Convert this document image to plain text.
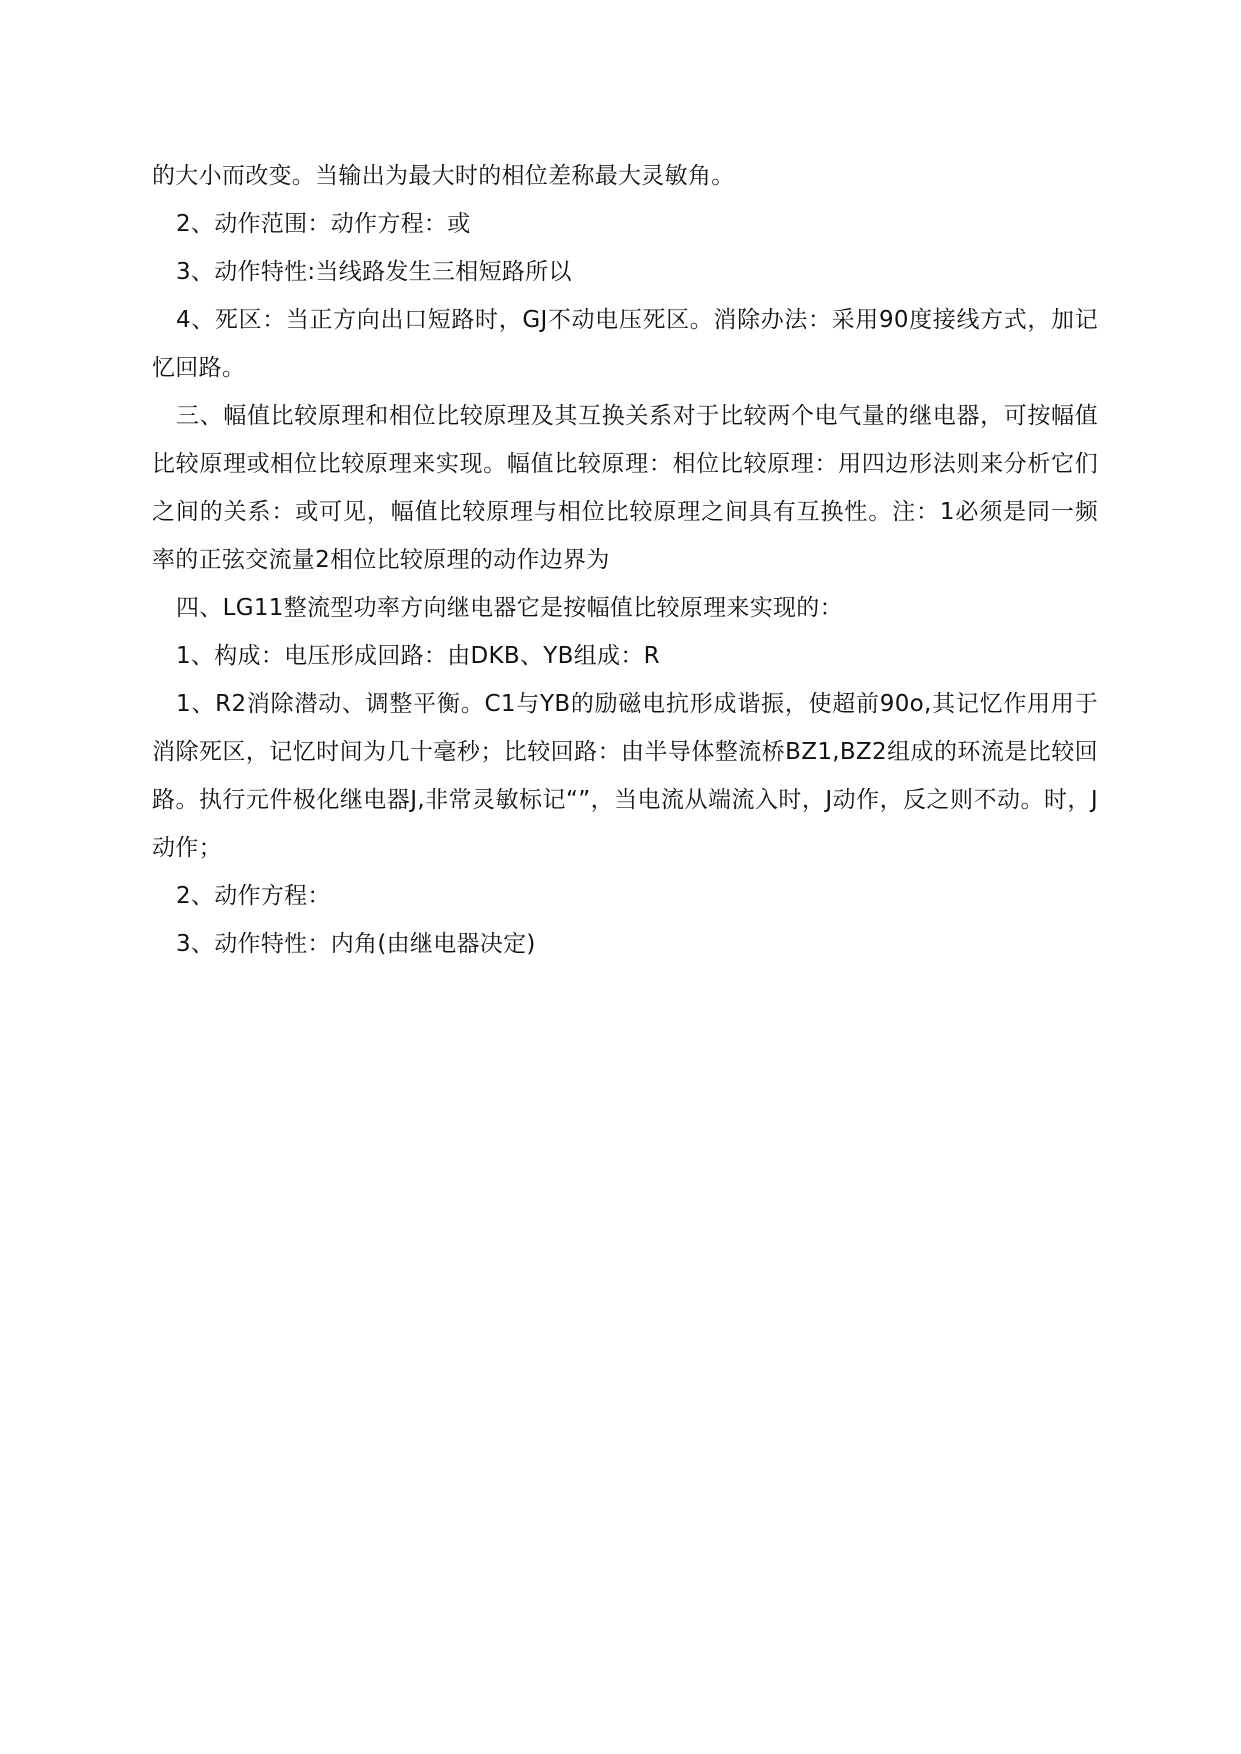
的大小而改变。当输出为最大时的相位差称最大灵敏角。

2、动作范围：动作方程：或

3、动作特性:当线路发生三相短路所以

4、死区：当正方向出口短路时，GJ不动电压死区。消除办法：采用90度接线方式，加记忆回路。

三、幅值比较原理和相位比较原理及其互换关系对于比较两个电气量的继电器，可按幅值比较原理或相位比较原理来实现。幅值比较原理：相位比较原理：用四边形法则来分析它们之间的关系：或可见，幅值比较原理与相位比较原理之间具有互换性。注：1必须是同一频率的正弦交流量2相位比较原理的动作边界为

四、LG11整流型功率方向继电器它是按幅值比较原理来实现的：

1、构成：电压形成回路：由DKB、YB组成：R

1、R2消除潜动、调整平衡。C1与YB的励磁电抗形成谐振，使超前90o,其记忆作用用于消除死区，记忆时间为几十毫秒；比较回路：由半导体整流桥BZ1,BZ2组成的环流是比较回路。执行元件极化继电器J,非常灵敏标记“”，当电流从端流入时，J动作，反之则不动。时，J动作；

2、动作方程：

3、动作特性：内角(由继电器决定)
